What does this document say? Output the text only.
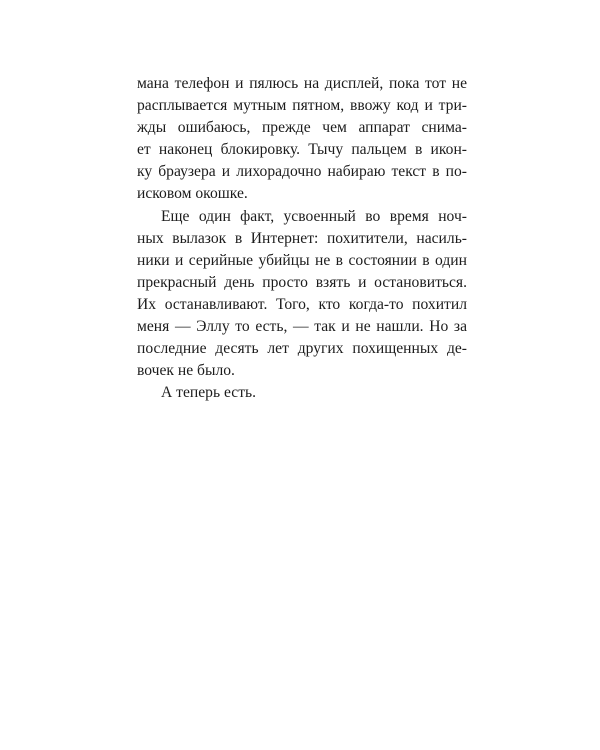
мана телефон и пялюсь на дисплей, пока тот не
расплывается мутным пятном, ввожу код и три-
жды ошибаюсь, прежде чем аппарат снима-
ет наконец блокировку. Тычу пальцем в икон-
ку браузера и лихорадочно набираю текст в по-
исковом окошке.
Еще один факт, усвоенный во время ноч-
ных вылазок в Интернет: похитители, насиль-
ники и серийные убийцы не в состоянии в один
прекрасный день просто взять и остановиться.
Их останавливают. Того, кто когда-то похитил
меня — Эллу то есть, — так и не нашли. Но за
последние десять лет других похищенных де-
вочек не было.
А теперь есть.
